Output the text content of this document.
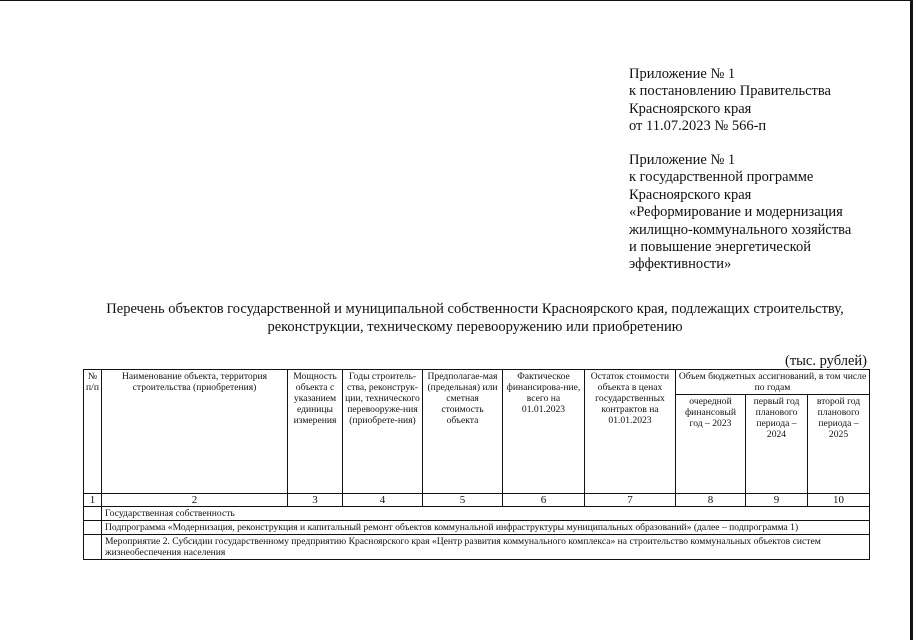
Приложение № 1
к постановлению Правительства
Красноярского края
от 11.07.2023 № 566-п
Приложение № 1
к государственной программе
Красноярского края
«Реформирование и модернизация
жилищно-коммунального хозяйства
и повышение энергетической
эффективности»
Перечень объектов государственной и муниципальной собственности Красноярского края, подлежащих строительству,
реконструкции, техническому перевооружению или приобретению
(тыс. рублей)
№ п/п	Наименование объекта, территория строительства (приобретения)	Мощность объекта с указанием единицы измерения	Годы строитель-ства, реконструк-ции, технического перевооруже-ния (приобрете-ния)	Предполагае-мая (предельная) или сметная стоимость объекта	Фактическое финансирова-ние, всего на 01.01.2023	Остаток стоимости объекта в ценах государственных контрактов на 01.01.2023	Объем бюджетных ассигнований, в том числе по годам		
							очередной финансовый год – 2023	первый год планового периода – 2024	второй год планового периода – 2025
1	2	3	4	5	6	7	8	9	10
	Государственная собственность								
	Подпрограмма «Модернизация, реконструкция и капитальный ремонт объектов коммунальной инфраструктуры муниципальных образований» (далее – подпрограмма 1)								
	Мероприятие 2. Субсидии государственному предприятию Красноярского края «Центр развития коммунального комплекса» на строительство коммунальных объектов систем жизнеобеспечения населения								
